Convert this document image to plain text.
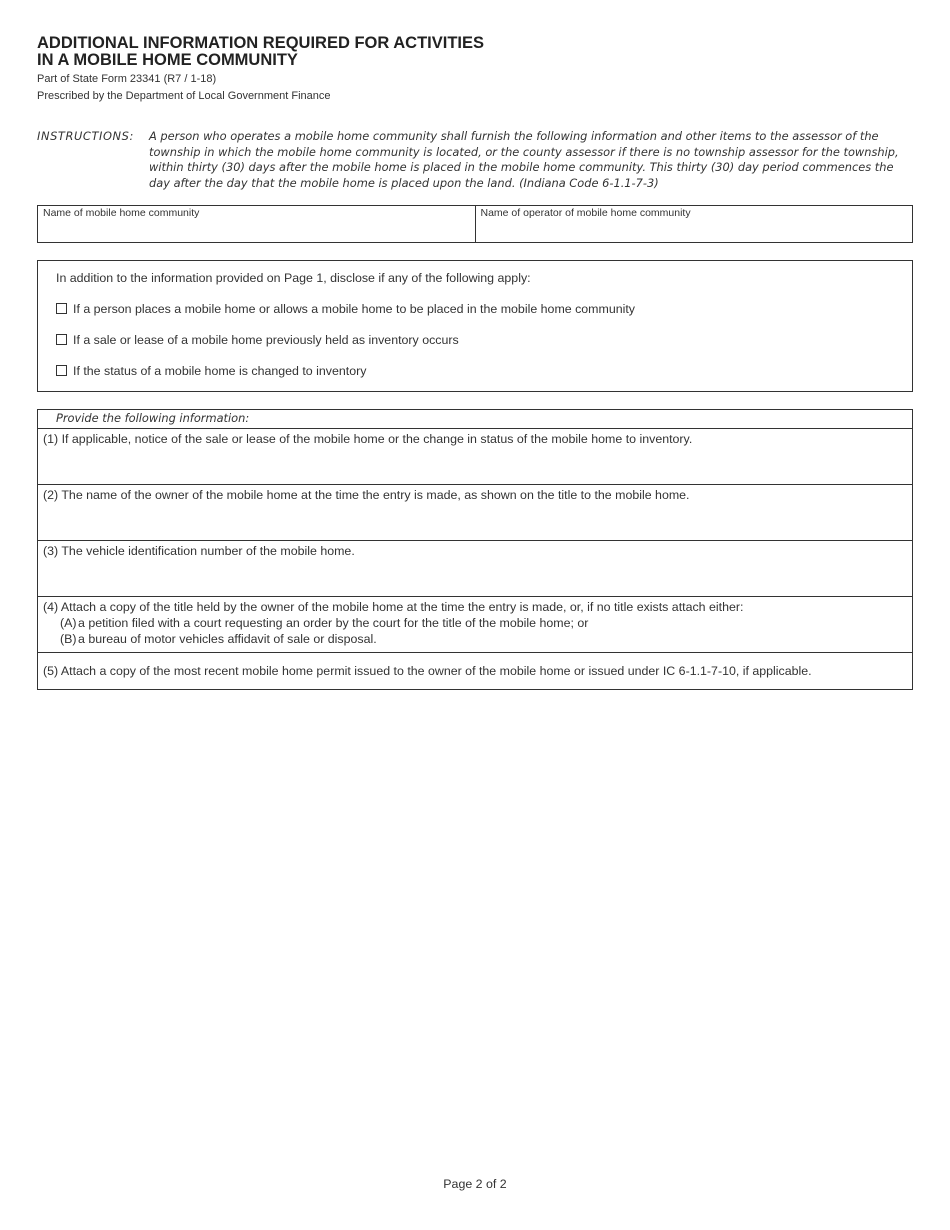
ADDITIONAL INFORMATION REQUIRED FOR ACTIVITIES
IN A MOBILE HOME COMMUNITY
Part of State Form 23341 (R7 / 1-18)
Prescribed by the Department of Local Government Finance
INSTRUCTIONS: A person who operates a mobile home community shall furnish the following information and other items to the assessor of the township in which the mobile home community is located, or the county assessor if there is no township assessor for the township, within thirty (30) days after the mobile home is placed in the mobile home community. This thirty (30) day period commences the day after the day that the mobile home is placed upon the land. (Indiana Code 6-1.1-7-3)
Name of mobile home community	Name of operator of mobile home community
In addition to the information provided on Page 1, disclose if any of the following apply:
If a person places a mobile home or allows a mobile home to be placed in the mobile home community
If a sale or lease of a mobile home previously held as inventory occurs
If the status of a mobile home is changed to inventory
Provide the following information:

(1) If applicable, notice of the sale or lease of the mobile home or the change in status of the mobile home to inventory.

(2) The name of the owner of the mobile home at the time the entry is made, as shown on the title to the mobile home.

(3) The vehicle identification number of the mobile home.

(4) Attach a copy of the title held by the owner of the mobile home at the time the entry is made, or, if no title exists attach either:

(A) a petition filed with a court requesting an order by the court for the title of the mobile home; or
(B) a bureau of motor vehicles affidavit of sale or disposal.
(5) Attach a copy of the most recent mobile home permit issued to the owner of the mobile home or issued under IC 6-1.1-7-10, if applicable.
Page 2 of 2
